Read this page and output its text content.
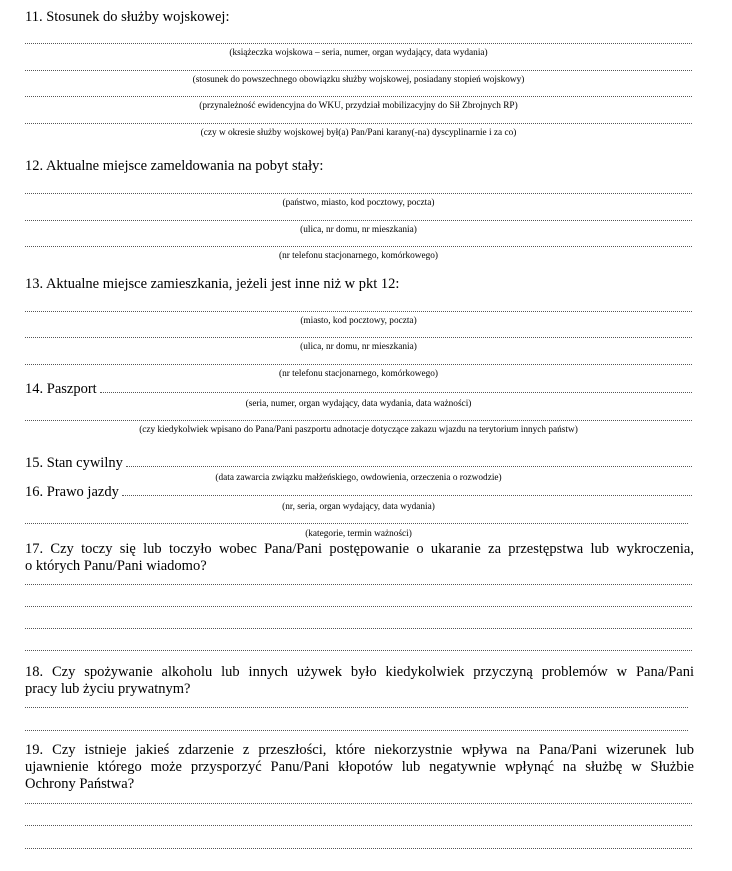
11. Stosunek do służby wojskowej:
(książeczka wojskowa – seria, numer, organ wydający, data wydania)
(stosunek do powszechnego obowiązku służby wojskowej, posiadany stopień wojskowy)
(przynależność ewidencyjna do WKU, przydział mobilizacyjny do Sił Zbrojnych RP)
(czy w okresie służby wojskowej był(a) Pan/Pani karany(-na) dyscyplinarnie i za co)
12. Aktualne miejsce zameldowania na pobyt stały:
(państwo, miasto, kod pocztowy, poczta)
(ulica, nr domu, nr mieszkania)
(nr telefonu stacjonarnego, komórkowego)
13. Aktualne miejsce zamieszkania, jeżeli jest inne niż w pkt 12:
(miasto, kod pocztowy, poczta)
(ulica, nr domu, nr mieszkania)
(nr telefonu stacjonarnego, komórkowego)
14. Paszport
(seria, numer, organ wydający, data wydania, data ważności)
(czy kiedykolwiek wpisano do Pana/Pani paszportu adnotacje dotyczące zakazu wjazdu na terytorium innych państw)
15. Stan cywilny
(data zawarcia związku małżeńskiego, owdowienia, orzeczenia o rozwodzie)
16. Prawo jazdy
(nr, seria, organ wydający, data wydania)
(kategorie, termin ważności)
17. Czy toczy się lub toczyło wobec Pana/Pani postępowanie o ukaranie za przestępstwa lub wykroczenia,
o których Panu/Pani wiadomo?
18. Czy spożywanie alkoholu lub innych używek było kiedykolwiek przyczyną problemów w Pana/Pani
pracy lub życiu prywatnym?
19. Czy istnieje jakieś zdarzenie z przeszłości, które niekorzystnie wpływa na Pana/Pani wizerunek lub
ujawnienie którego może przysporzyć Panu/Pani kłopotów lub negatywnie wpłynąć na służbę w Służbie
Ochrony Państwa?
